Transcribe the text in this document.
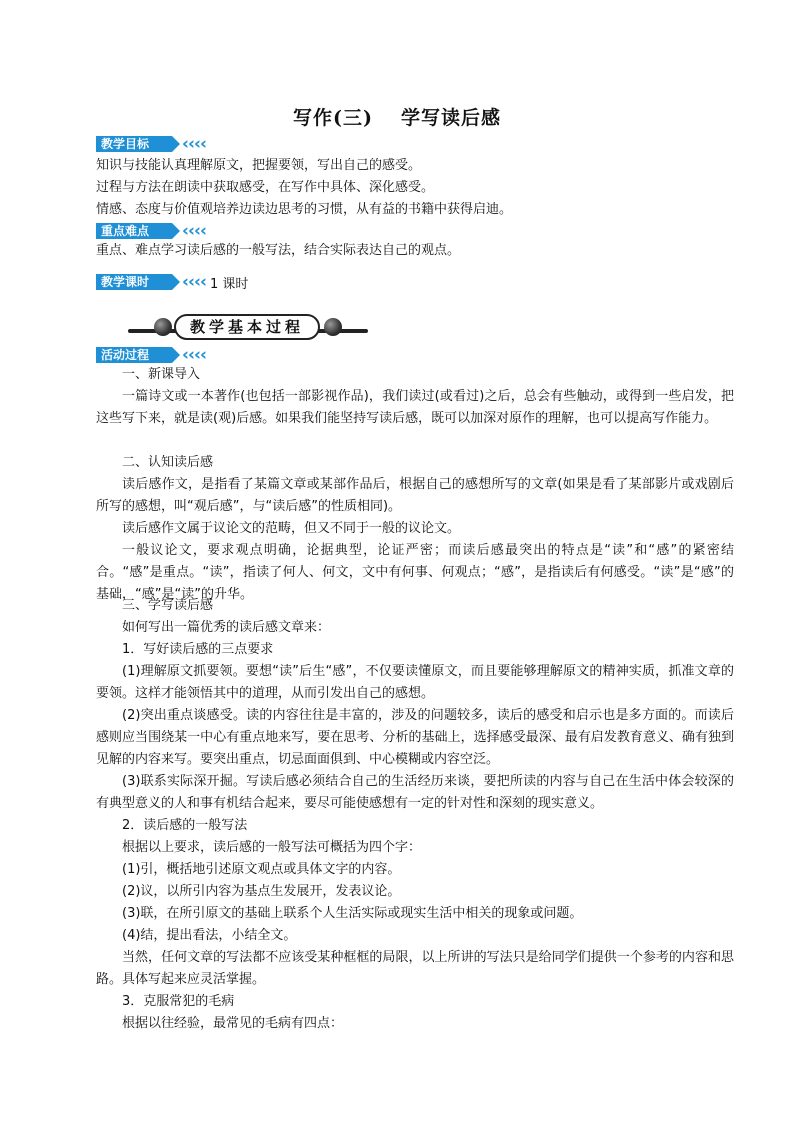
写作(三) 学写读后感
教学目标	‹‹‹‹
知识与技能认真理解原文，把握要领，写出自己的感受。
过程与方法在朗读中获取感受，在写作中具体、深化感受。
情感、态度与价值观培养边读边思考的习惯，从有益的书籍中获得启迪。
重点难点	‹‹‹‹
重点、难点学习读后感的一般写法，结合实际表达自己的观点。
教学课时	‹‹‹‹ 1 课时
教学基本过程
活动过程	‹‹‹‹
一、新课导入
一篇诗文或一本著作(也包括一部影视作品)，我们读过(或看过)之后，总会有些触动，或得到一些启发，把这些写下来，就是读(观)后感。如果我们能坚持写读后感，既可以加深对原作的理解，也可以提高写作能力。
二、认知读后感
读后感作文，是指看了某篇文章或某部作品后，根据自己的感想所写的文章(如果是看了某部影片或戏剧后所写的感想，叫“观后感”，与“读后感”的性质相同)。
读后感作文属于议论文的范畴，但又不同于一般的议论文。
一般议论文，要求观点明确，论据典型，论证严密；而读后感最突出的特点是“读”和“感”的紧密结合。“感”是重点。“读”，指读了何人、何文，文中有何事、何观点；“感”，是指读后有何感受。“读”是“感”的基础，“感”是“读”的升华。
三、学写读后感
如何写出一篇优秀的读后感文章来：
1．写好读后感的三点要求
(1)理解原文抓要领。要想“读”后生“感”，不仅要读懂原文，而且要能够理解原文的精神实质，抓准文章的要领。这样才能领悟其中的道理，从而引发出自己的感想。
(2)突出重点谈感受。读的内容往往是丰富的，涉及的问题较多，读后的感受和启示也是多方面的。而读后感则应当围绕某一中心有重点地来写，要在思考、分析的基础上，选择感受最深、最有启发教育意义、确有独到见解的内容来写。要突出重点，切忌面面俱到、中心模糊或内容空泛。
(3)联系实际深开掘。写读后感必须结合自己的生活经历来谈，要把所读的内容与自己在生活中体会较深的有典型意义的人和事有机结合起来，要尽可能使感想有一定的针对性和深刻的现实意义。
2．读后感的一般写法
根据以上要求，读后感的一般写法可概括为四个字：
(1)引，概括地引述原文观点或具体文字的内容。
(2)议，以所引内容为基点生发展开，发表议论。
(3)联，在所引原文的基础上联系个人生活实际或现实生活中相关的现象或问题。
(4)结，提出看法，小结全文。
当然，任何文章的写法都不应该受某种框框的局限，以上所讲的写法只是给同学们提供一个参考的内容和思路。具体写起来应灵活掌握。
3．克服常犯的毛病
根据以往经验，最常见的毛病有四点：
